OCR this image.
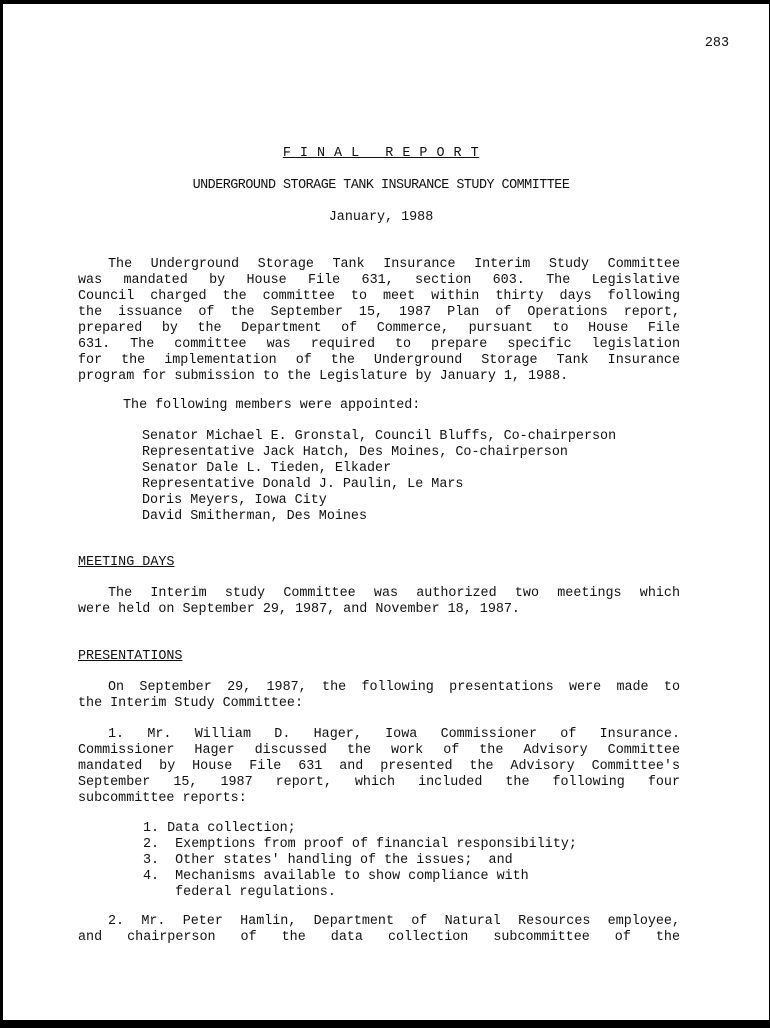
283
F I N A L   R E P O R T
UNDERGROUND STORAGE TANK INSURANCE STUDY COMMITTEE
January, 1988
The Underground Storage Tank Insurance Interim Study Committee
was mandated by House File 631, section 603. The Legislative
Council charged the committee to meet within thirty days following
the issuance of the September 15, 1987 Plan of Operations report,
prepared by the Department of Commerce, pursuant to House File
631. The committee was required to prepare specific legislation
for the implementation of the Underground Storage Tank Insurance
program for submission to the Legislature by January 1, 1988.
The following members were appointed:
Senator Michael E. Gronstal, Council Bluffs, Co-chairperson
Representative Jack Hatch, Des Moines, Co-chairperson
Senator Dale L. Tieden, Elkader
Representative Donald J. Paulin, Le Mars
Doris Meyers, Iowa City
David Smitherman, Des Moines
MEETING DAYS
The Interim study Committee was authorized two meetings which
were held on September 29, 1987, and November 18, 1987.
PRESENTATIONS
On September 29, 1987, the following presentations were made to
the Interim Study Committee:
1. Mr. William D. Hager, Iowa Commissioner of Insurance.
Commissioner Hager discussed the work of the Advisory Committee
mandated by House File 631 and presented the Advisory Committee's
September 15, 1987 report, which included the following four
subcommittee reports:
1. Data collection;
2.  Exemptions from proof of financial responsibility;
3.  Other states' handling of the issues;  and
4.  Mechanisms available to show compliance with
federal regulations.
2. Mr. Peter Hamlin, Department of Natural Resources employee,
and chairperson of the data collection subcommittee of the
